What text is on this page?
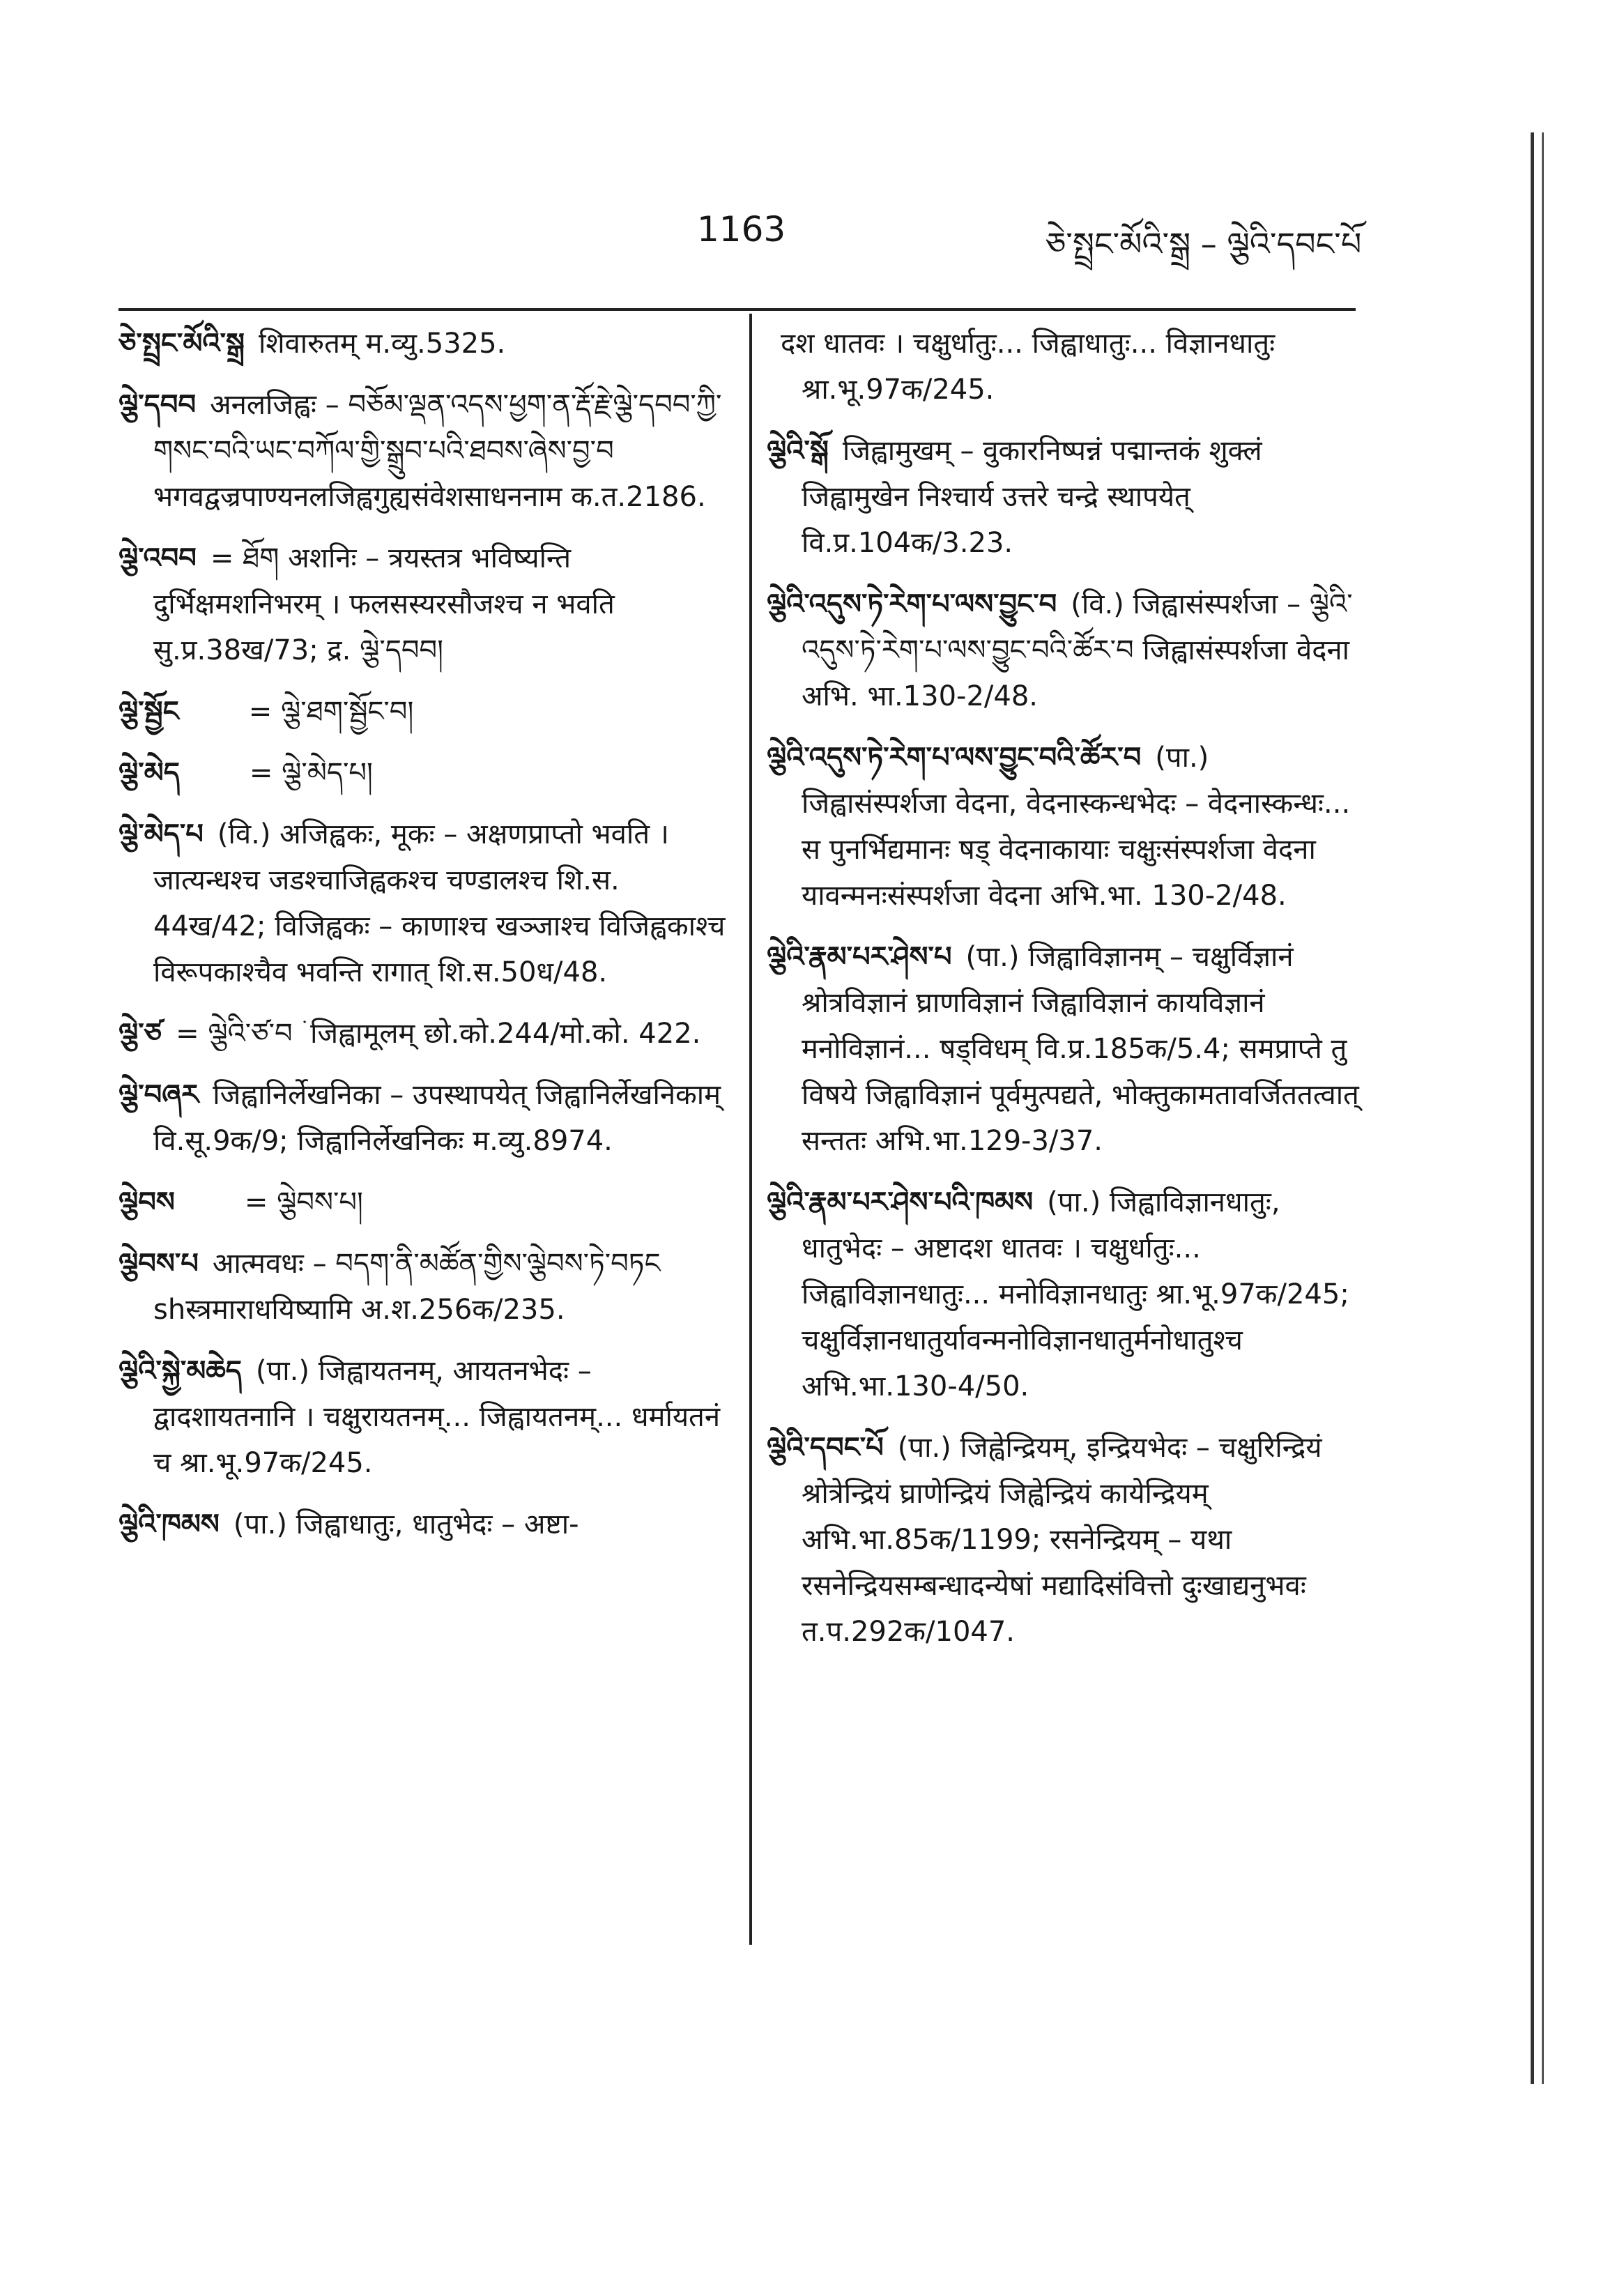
1163	ཅེ་སྤྲང་མོའི་སྒྲ – ལྕེའི་དབང་པོ

ཅེ་སྤྲང་མོའི་སྒྲ शिवारुतम् म.व्यु.5325.

ལྕེ་དབབ अनलजिह्वः – བཅོམ་ལྡན་འདས་ཕྱག་ན་རྡོ་རྗེ་ལྕེ་དབབ་ཀྱི་གསང་བའི་ཡང་བཀོལ་གྱི་སྒྲུབ་པའི་ཐབས་ཞེས་བྱ་བ भगवद्वज्रपाण्यनलजिह्वगुह्यसंवेशसाधननाम क.त.2186.

ལྕེ་འབབ = ཐོག अशनिः – त्रयस्तत्र भविष्यन्ति दुर्भिक्षमशनिभरम् । फलसस्यरसौजश्च न भवति सु.प्र.38ख/73; द्र. ལྕེ་དབབ།

ལྕེ་སྦྱོང	= ལྕེ་ཐག་སྦྱོང་བ།

ལྕེ་མེད	= ལྕེ་མེད་པ།

ལྕེ་མེད་པ (वि.) अजिह्वकः, मूकः – अक्षणप्राप्तो भवति । जात्यन्धश्च जडश्चाजिह्वकश्च चण्डालश्च शि.स. 44ख/42; विजिह्वकः – काणाश्च खञ्जाश्च विजिह्वकाश्च विरूपकाश्चैव भवन्ति रागात् शि.स.50ध/48.

ལྕེ་ཙ = ལྕེའི་ཙ་བ ࣪ जिह्वामूलम् छो.को.244/मो.को. 422.

ལྕེ་བཞར जिह्वानिर्लेखनिका – उपस्थापयेत् जिह्वानिर्लेखनिकाम् वि.सू.9क/9; जिह्वानिर्लेखनिकः म.व्यु.8974.

ལྕེབས	= ལྕེབས་པ།

ལྕེབས་པ आत्मवधः – བདག་ནི་མཚོན་གྱིས་ལྕེབས་ཏེ་བཏང shस्त्रमाराधयिष्यामि अ.श.256क/235.

ལྕེའི་སྐྱེ་མཆེད (पा.) जिह्वायतनम्, आयतनभेदः – द्वादशायतनानि । चक्षुरायतनम्... जिह्वायतनम्... धर्मायतनं च श्रा.भू.97क/245.

ལྕེའི་ཁམས (पा.) जिह्वाधातुः, धातुभेदः – अष्टा-

दश धातवः । चक्षुर्धातुः... जिह्वाधातुः... विज्ञानधातुः श्रा.भू.97क/245.

ལྕེའི་སྒོ जिह्वामुखम् – वुकारनिष्पन्नं पद्मान्तकं शुक्लं जिह्वामुखेन निश्चार्य उत्तरे चन्द्रे स्थापयेत् वि.प्र.104क/3.23.

ལྕེའི་འདུས་ཏེ་རེག་པ་ལས་བྱུང་བ (वि.) जिह्वासंस्पर्शजा – ལྕེའི་འདུས་ཏེ་རེག་པ་ལས་བྱུང་བའི་ཚོར་བ जिह्वासंस्पर्शजा वेदना अभि. भा.130-2/48.

ལྕེའི་འདུས་ཏེ་རེག་པ་ལས་བྱུང་བའི་ཚོར་བ (पा.) जिह्वासंस्पर्शजा वेदना, वेदनास्कन्धभेदः – वेदनास्कन्धः... स पुनर्भिद्यमानः षड् वेदनाकायाः चक्षुःसंस्पर्शजा वेदना यावन्मनःसंस्पर्शजा वेदना अभि.भा. 130-2/48.

ལྕེའི་རྣམ་པར་ཤེས་པ (पा.) जिह्वाविज्ञानम् – चक्षुर्विज्ञानं श्रोत्रविज्ञानं घ्राणविज्ञानं जिह्वाविज्ञानं कायविज्ञानं मनोविज्ञानं... षड्विधम् वि.प्र.185क/5.4; समप्राप्ते तु विषये जिह्वाविज्ञानं पूर्वमुत्पद्यते, भोक्तुकामतावर्जिततत्वात् सन्ततः अभि.भा.129-3/37.

ལྕེའི་རྣམ་པར་ཤེས་པའི་ཁམས (पा.) जिह्वाविज्ञानधातुः, धातुभेदः – अष्टादश धातवः । चक्षुर्धातुः... जिह्वाविज्ञानधातुः... मनोविज्ञानधातुः श्रा.भू.97क/245; चक्षुर्विज्ञानधातुर्यावन्मनोविज्ञानधातुर्मनोधातुश्च अभि.भा.130-4/50.

ལྕེའི་དབང་པོ (पा.) जिह्वेन्द्रियम्, इन्द्रियभेदः – चक्षुरिन्द्रियं श्रोत्रेन्द्रियं घ्राणेन्द्रियं जिह्वेन्द्रियं कायेन्द्रियम् अभि.भा.85क/1199; रसनेन्द्रियम् – यथा रसनेन्द्रियसम्बन्धादन्येषां मद्यादिसंवित्तो दुःखाद्यनुभवः त.प.292क/1047.
